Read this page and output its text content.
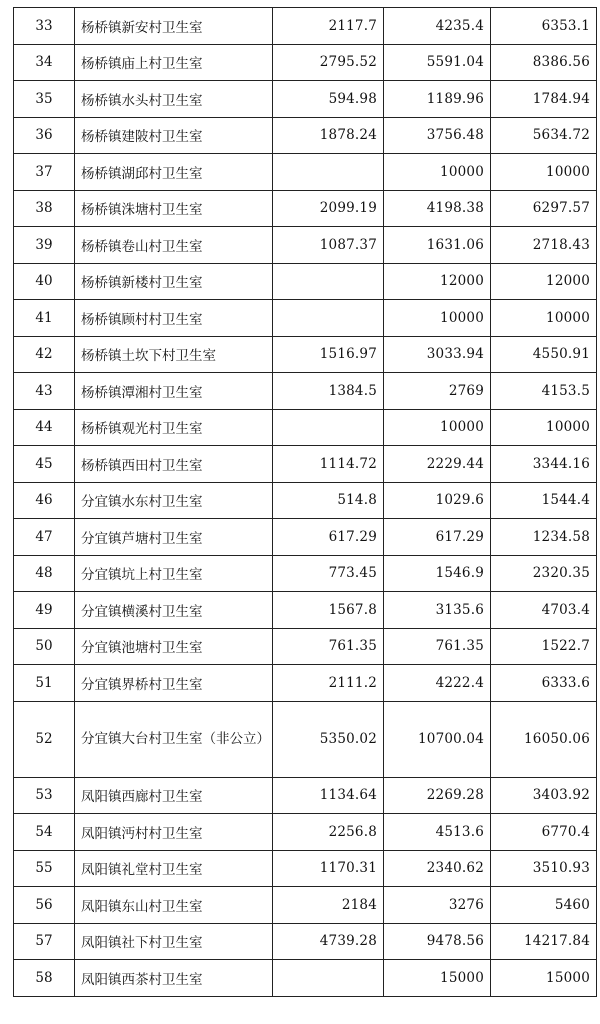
33	杨桥镇新安村卫生室	2117.7	4235.4	6353.1
34	杨桥镇庙上村卫生室	2795.52	5591.04	8386.56
35	杨桥镇水头村卫生室	594.98	1189.96	1784.94
36	杨桥镇建陂村卫生室	1878.24	3756.48	5634.72
37	杨桥镇湖邱村卫生室		10000	10000
38	杨桥镇洙塘村卫生室	2099.19	4198.38	6297.57
39	杨桥镇卷山村卫生室	1087.37	1631.06	2718.43
40	杨桥镇新楼村卫生室		12000	12000
41	杨桥镇顾村村卫生室		10000	10000
42	杨桥镇土坎下村卫生室	1516.97	3033.94	4550.91
43	杨桥镇潭湘村卫生室	1384.5	2769	4153.5
44	杨桥镇观光村卫生室		10000	10000
45	杨桥镇西田村卫生室	1114.72	2229.44	3344.16
46	分宜镇水东村卫生室	514.8	1029.6	1544.4
47	分宜镇芦塘村卫生室	617.29	617.29	1234.58
48	分宜镇坑上村卫生室	773.45	1546.9	2320.35
49	分宜镇横溪村卫生室	1567.8	3135.6	4703.4
50	分宜镇池塘村卫生室	761.35	761.35	1522.7
51	分宜镇界桥村卫生室	2111.2	4222.4	6333.6
52	分宜镇大台村卫生室（非公立）	5350.02	10700.04	16050.06
53	凤阳镇西廊村卫生室	1134.64	2269.28	3403.92
54	凤阳镇沔村村卫生室	2256.8	4513.6	6770.4
55	凤阳镇礼堂村卫生室	1170.31	2340.62	3510.93
56	凤阳镇东山村卫生室	2184	3276	5460
57	凤阳镇社下村卫生室	4739.28	9478.56	14217.84
58	凤阳镇西茶村卫生室		15000	15000
